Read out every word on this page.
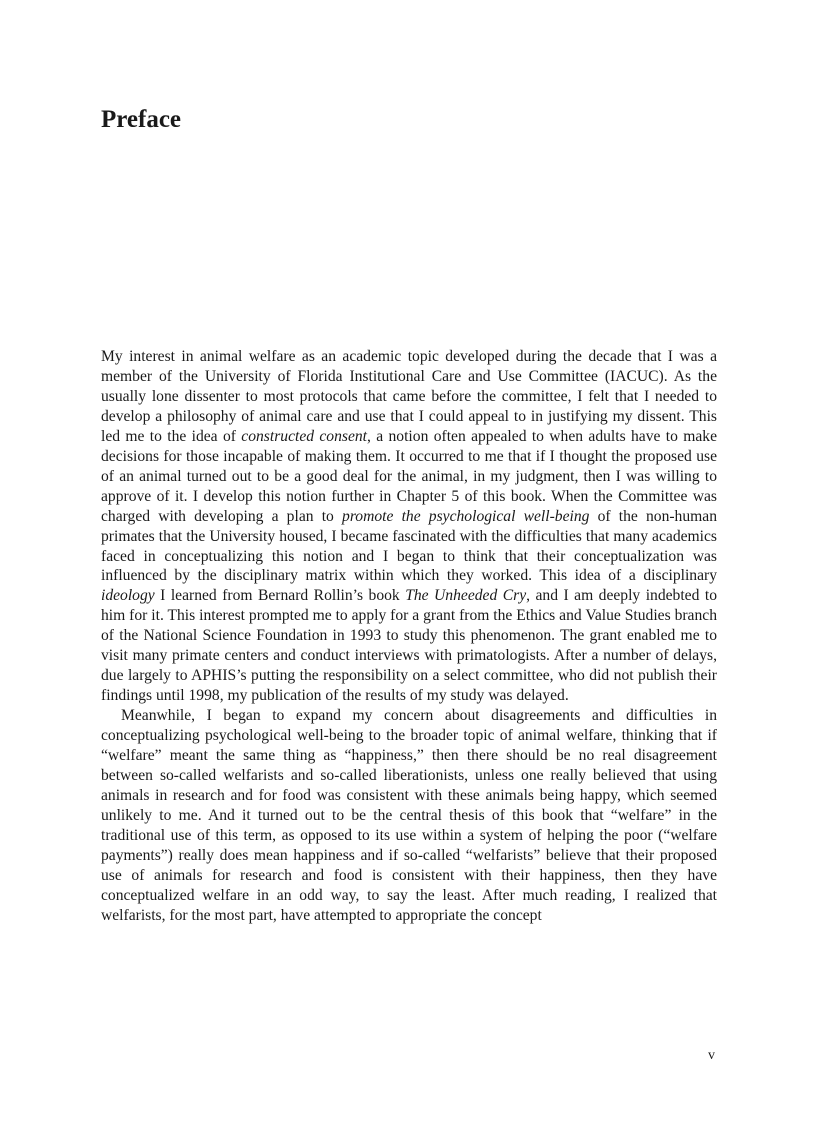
Preface

My interest in animal welfare as an academic topic developed during the decade that I was a member of the University of Florida Institutional Care and Use Committee (IACUC). As the usually lone dissenter to most protocols that came before the committee, I felt that I needed to develop a philosophy of animal care and use that I could appeal to in justifying my dissent. This led me to the idea of constructed consent, a notion often appealed to when adults have to make decisions for those incapable of making them. It occurred to me that if I thought the proposed use of an animal turned out to be a good deal for the animal, in my judgment, then I was willing to approve of it. I develop this notion further in Chapter 5 of this book. When the Committee was charged with developing a plan to promote the psychological well-being of the non-human primates that the University housed, I became fascinated with the difficulties that many academics faced in conceptualizing this notion and I began to think that their conceptualization was influenced by the disciplinary matrix within which they worked. This idea of a disciplinary ideology I learned from Bernard Rollin’s book The Unheeded Cry, and I am deeply indebted to him for it. This interest prompted me to apply for a grant from the Ethics and Value Studies branch of the National Science Foundation in 1993 to study this phenomenon. The grant enabled me to visit many primate centers and conduct interviews with primatologists. After a number of delays, due largely to APHIS’s putting the responsibility on a select committee, who did not publish their findings until 1998, my publication of the results of my study was delayed.

Meanwhile, I began to expand my concern about disagreements and difficulties in conceptualizing psychological well-being to the broader topic of animal welfare, thinking that if “welfare” meant the same thing as “happiness,” then there should be no real disagreement between so-called welfarists and so-called liberationists, unless one really believed that using animals in research and for food was consistent with these animals being happy, which seemed unlikely to me. And it turned out to be the central thesis of this book that “welfare” in the traditional use of this term, as opposed to its use within a system of helping the poor (“welfare payments”) really does mean happiness and if so-called “welfarists” believe that their proposed use of animals for research and food is consistent with their happiness, then they have conceptualized welfare in an odd way, to say the least. After much reading, I realized that welfarists, for the most part, have attempted to appropriate the concept

v
